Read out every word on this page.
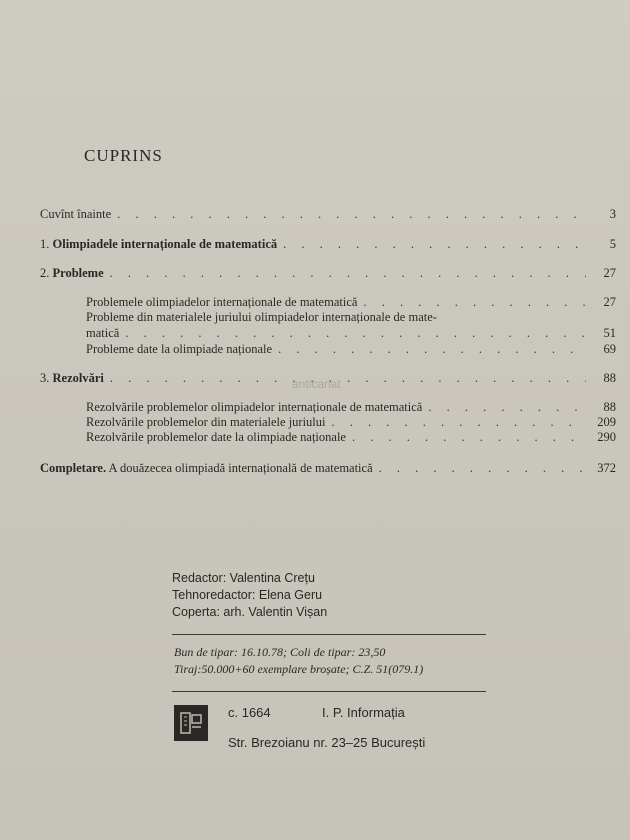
CUPRINS
Cuvînt înainte . . .	3
1. Olimpiadele internaționale de matematică . . .	5
2. Probleme . . .	27
Problemele olimpiadelor internaționale de matematică . . .	27
Probleme din materialele juriului olimpiadelor internaționale de mate-
matică . . .	51
Probleme date la olimpiade naționale . . .	69
3. Rezolvări . . .	88
anticariat
Rezolvările problemelor olimpiadelor internaționale de matematică . . .	88
Rezolvările problemelor din materialele juriului . . .	209
Rezolvările problemelor date la olimpiade naționale . . .	290
Completare. A douăzecea olimpiadă internațională de matematică . . .	372
Redactor: Valentina Crețu
Tehnoredactor: Elena Geru
Coperta: arh. Valentin Vișan
Bun de tipar: 16.10.78; Coli de tipar: 23,50
Tiraj:50.000+60 exemplare broșate; C.Z. 51(079.1)
c. 1664	I. P. Informația
Str. Brezoianu nr. 23–25 București
